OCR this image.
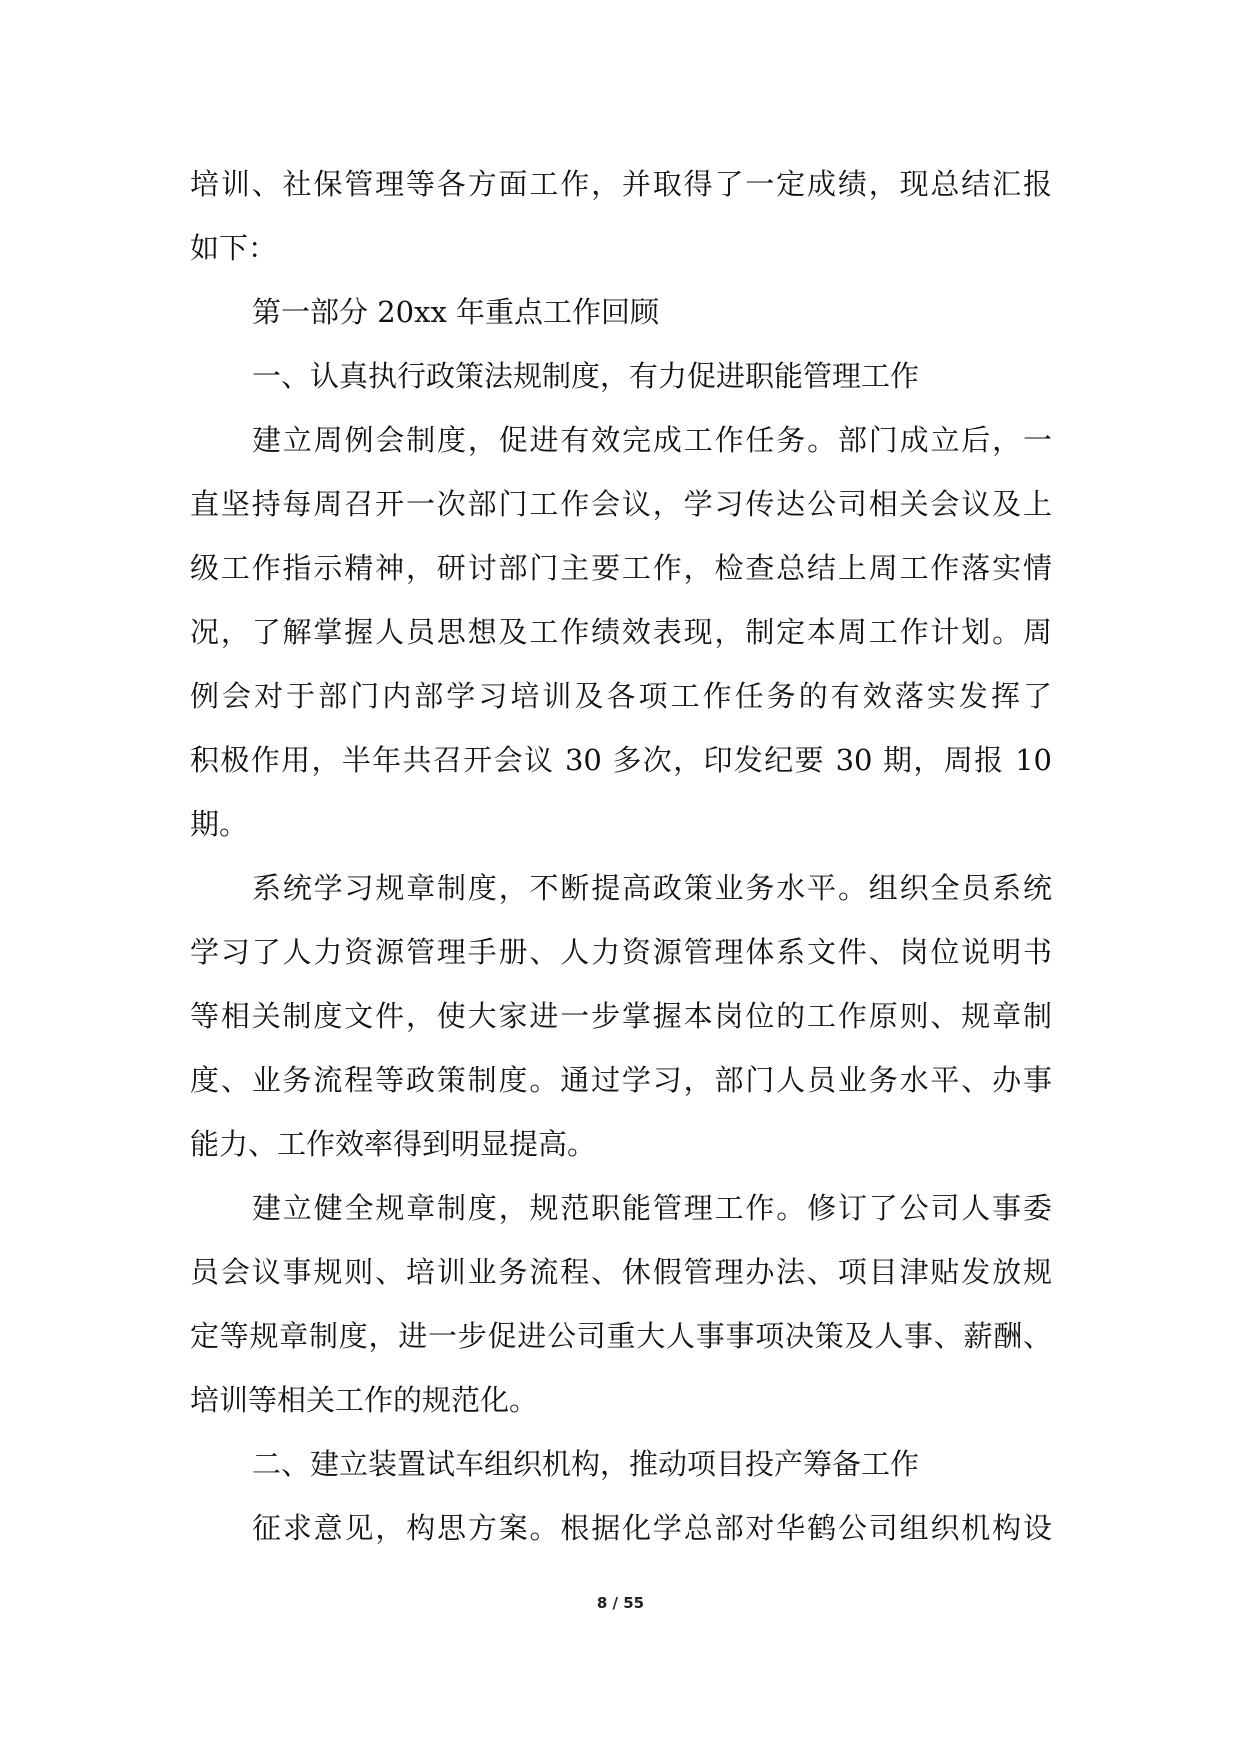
培训、社保管理等各方面工作，并取得了一定成绩，现总结汇报
如下：
第一部分 20xx 年重点工作回顾
一、认真执行政策法规制度，有力促进职能管理工作
建立周例会制度，促进有效完成工作任务。部门成立后，一
直坚持每周召开一次部门工作会议，学习传达公司相关会议及上
级工作指示精神，研讨部门主要工作，检查总结上周工作落实情
况，了解掌握人员思想及工作绩效表现，制定本周工作计划。周
例会对于部门内部学习培训及各项工作任务的有效落实发挥了
积极作用，半年共召开会议 30 多次，印发纪要 30 期，周报 10
期。
系统学习规章制度，不断提高政策业务水平。组织全员系统
学习了人力资源管理手册、人力资源管理体系文件、岗位说明书
等相关制度文件，使大家进一步掌握本岗位的工作原则、规章制
度、业务流程等政策制度。通过学习，部门人员业务水平、办事
能力、工作效率得到明显提高。
建立健全规章制度，规范职能管理工作。修订了公司人事委
员会议事规则、培训业务流程、休假管理办法、项目津贴发放规
定等规章制度，进一步促进公司重大人事事项决策及人事、薪酬、
培训等相关工作的规范化。
二、建立装置试车组织机构，推动项目投产筹备工作
征求意见，构思方案。根据化学总部对华鹤公司组织机构设
8 / 55
